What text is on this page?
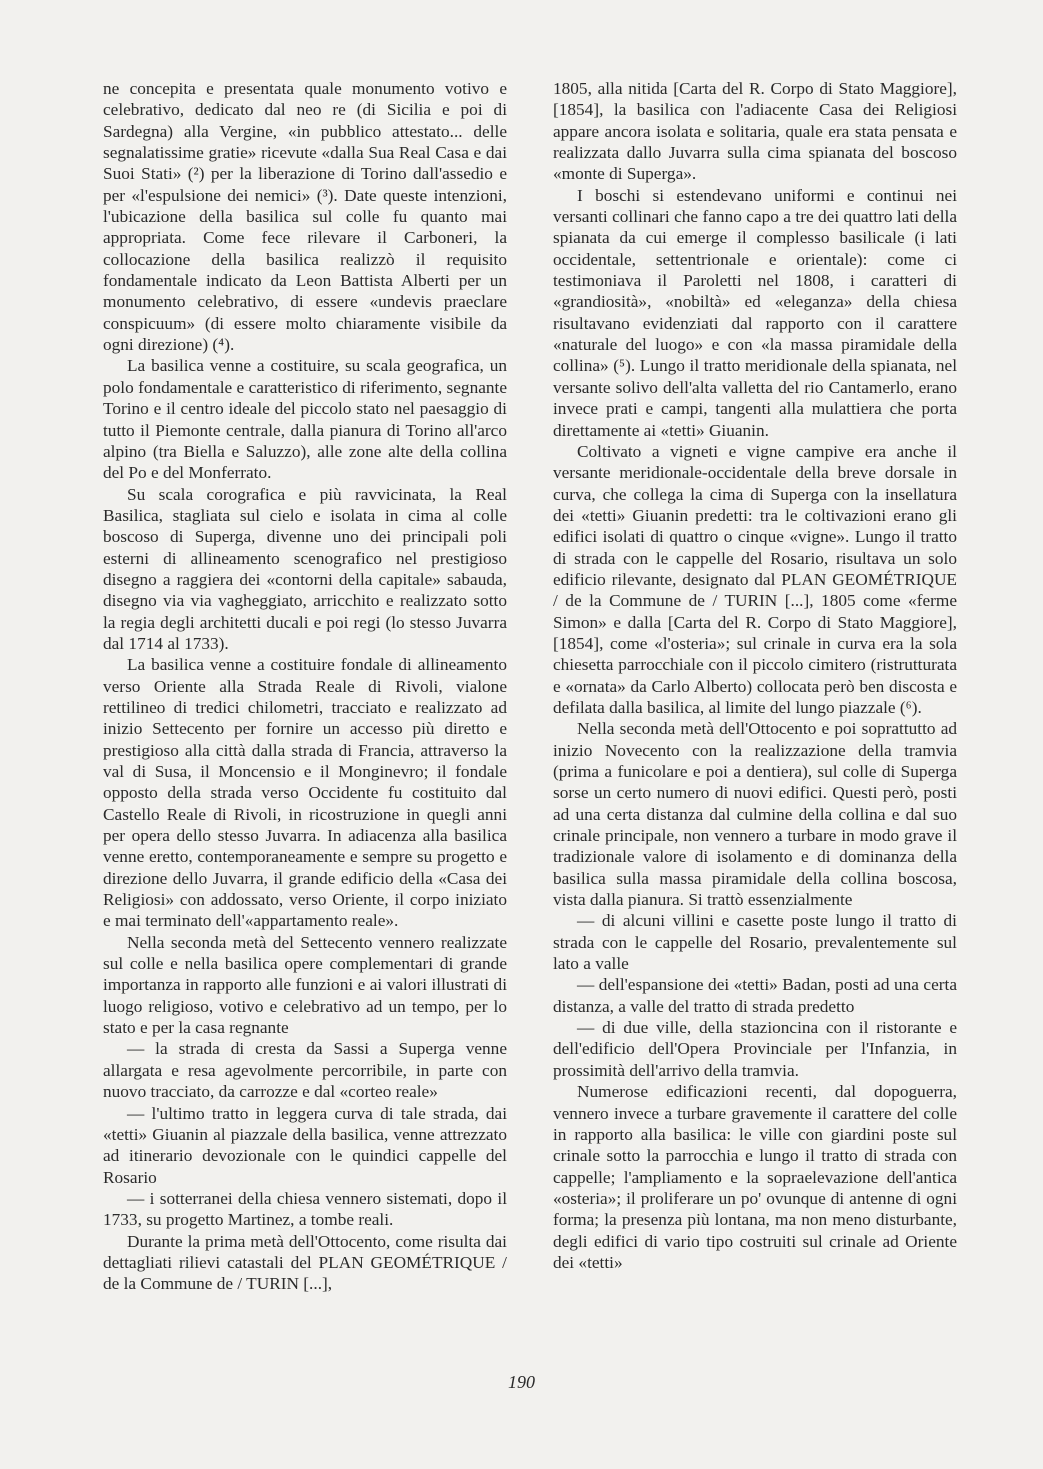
ne concepita e presentata quale monumento votivo e celebrativo, dedicato dal neo re (di Sicilia e poi di Sardegna) alla Vergine, «in pubblico attestato... delle segnalatissime gratie» ricevute «dalla Sua Real Casa e dai Suoi Stati» (²) per la liberazione di Torino dall'assedio e per «l'espulsione dei nemici» (³). Date queste intenzioni, l'ubicazione della basilica sul colle fu quanto mai appropriata. Come fece rilevare il Carboneri, la collocazione della basilica realizzò il requisito fondamentale indicato da Leon Battista Alberti per un monumento celebrativo, di essere «undevis praeclare conspicuum» (di essere molto chiaramente visibile da ogni direzione) (⁴).

La basilica venne a costituire, su scala geografica, un polo fondamentale e caratteristico di riferimento, segnante Torino e il centro ideale del piccolo stato nel paesaggio di tutto il Piemonte centrale, dalla pianura di Torino all'arco alpino (tra Biella e Saluzzo), alle zone alte della collina del Po e del Monferrato.

Su scala corografica e più ravvicinata, la Real Basilica, stagliata sul cielo e isolata in cima al colle boscoso di Superga, divenne uno dei principali poli esterni di allineamento scenografico nel prestigioso disegno a raggiera dei «contorni della capitale» sabauda, disegno via via vagheggiato, arricchito e realizzato sotto la regia degli architetti ducali e poi regi (lo stesso Juvarra dal 1714 al 1733).

La basilica venne a costituire fondale di allineamento verso Oriente alla Strada Reale di Rivoli, vialone rettilineo di tredici chilometri, tracciato e realizzato ad inizio Settecento per fornire un accesso più diretto e prestigioso alla città dalla strada di Francia, attraverso la val di Susa, il Moncensio e il Monginevro; il fondale opposto della strada verso Occidente fu costituito dal Castello Reale di Rivoli, in ricostruzione in quegli anni per opera dello stesso Juvarra. In adiacenza alla basilica venne eretto, contemporaneamente e sempre su progetto e direzione dello Juvarra, il grande edificio della «Casa dei Religiosi» con addossato, verso Oriente, il corpo iniziato e mai terminato dell'«appartamento reale».

Nella seconda metà del Settecento vennero realizzate sul colle e nella basilica opere complementari di grande importanza in rapporto alle funzioni e ai valori illustrati di luogo religioso, votivo e celebrativo ad un tempo, per lo stato e per la casa regnante

— la strada di cresta da Sassi a Superga venne allargata e resa agevolmente percorribile, in parte con nuovo tracciato, da carrozze e dal «corteo reale»

— l'ultimo tratto in leggera curva di tale strada, dai «tetti» Giuanin al piazzale della basilica, venne attrezzato ad itinerario devozionale con le quindici cappelle del Rosario

— i sotterranei della chiesa vennero sistemati, dopo il 1733, su progetto Martinez, a tombe reali.

Durante la prima metà dell'Ottocento, come risulta dai dettagliati rilievi catastali del PLAN GEOMÉTRIQUE / de la Commune de / TURIN [...],

1805, alla nitida [Carta del R. Corpo di Stato Maggiore], [1854], la basilica con l'adiacente Casa dei Religiosi appare ancora isolata e solitaria, quale era stata pensata e realizzata dallo Juvarra sulla cima spianata del boscoso «monte di Superga».

I boschi si estendevano uniformi e continui nei versanti collinari che fanno capo a tre dei quattro lati della spianata da cui emerge il complesso basilicale (i lati occidentale, settentrionale e orientale): come ci testimoniava il Paroletti nel 1808, i caratteri di «grandiosità», «nobiltà» ed «eleganza» della chiesa risultavano evidenziati dal rapporto con il carattere «naturale del luogo» e con «la massa piramidale della collina» (⁵). Lungo il tratto meridionale della spianata, nel versante solivo dell'alta valletta del rio Cantamerlo, erano invece prati e campi, tangenti alla mulattiera che porta direttamente ai «tetti» Giuanin.

Coltivato a vigneti e vigne campive era anche il versante meridionale-occidentale della breve dorsale in curva, che collega la cima di Superga con la insellatura dei «tetti» Giuanin predetti: tra le coltivazioni erano gli edifici isolati di quattro o cinque «vigne». Lungo il tratto di strada con le cappelle del Rosario, risultava un solo edificio rilevante, designato dal PLAN GEOMÉTRIQUE / de la Commune de / TURIN [...], 1805 come «ferme Simon» e dalla [Carta del R. Corpo di Stato Maggiore], [1854], come «l'osteria»; sul crinale in curva era la sola chiesetta parrocchiale con il piccolo cimitero (ristrutturata e «ornata» da Carlo Alberto) collocata però ben discosta e defilata dalla basilica, al limite del lungo piazzale (⁶).

Nella seconda metà dell'Ottocento e poi soprattutto ad inizio Novecento con la realizzazione della tramvia (prima a funicolare e poi a dentiera), sul colle di Superga sorse un certo numero di nuovi edifici. Questi però, posti ad una certa distanza dal culmine della collina e dal suo crinale principale, non vennero a turbare in modo grave il tradizionale valore di isolamento e di dominanza della basilica sulla massa piramidale della collina boscosa, vista dalla pianura. Si trattò essenzialmente

— di alcuni villini e casette poste lungo il tratto di strada con le cappelle del Rosario, prevalentemente sul lato a valle

— dell'espansione dei «tetti» Badan, posti ad una certa distanza, a valle del tratto di strada predetto

— di due ville, della stazioncina con il ristorante e dell'edificio dell'Opera Provinciale per l'Infanzia, in prossimità dell'arrivo della tramvia.

Numerose edificazioni recenti, dal dopoguerra, vennero invece a turbare gravemente il carattere del colle in rapporto alla basilica: le ville con giardini poste sul crinale sotto la parrocchia e lungo il tratto di strada con cappelle; l'ampliamento e la sopraelevazione dell'antica «osteria»; il proliferare un po' ovunque di antenne di ogni forma; la presenza più lontana, ma non meno disturbante, degli edifici di vario tipo costruiti sul crinale ad Oriente dei «tetti»

190
